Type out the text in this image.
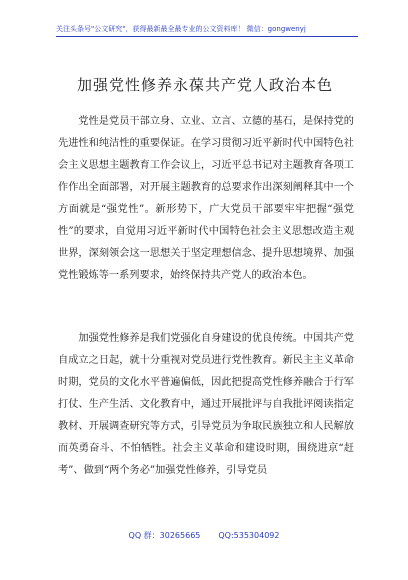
关注头条号"公文研究"，获得最新最全最专业的公文资料库！ 微信：gongwenyj
加强党性修养永葆共产党人政治本色

党性是党员干部立身、立业、立言、立德的基石，是保持党的先进性和纯洁性的重要保证。在学习贯彻习近平新时代中国特色社会主义思想主题教育工作会议上，习近平总书记对主题教育各项工作作出全面部署，对开展主题教育的总要求作出深刻阐释其中一个方面就是“强党性”。新形势下，广大党员干部要牢牢把握“强党性”的要求，自觉用习近平新时代中国特色社会主义思想改造主观世界，深刻领会这一思想关于坚定理想信念、提升思想境界、加强党性锻炼等一系列要求，始终保持共产党人的政治本色。

加强党性修养是我们党强化自身建设的优良传统。中国共产党自成立之日起，就十分重视对党员进行党性教育。新民主主义革命时期，党员的文化水平普遍偏低，因此把提高党性修养融合于行军打仗、生产生活、文化教育中，通过开展批评与自我批评阅读指定教材、开展调查研究等方式，引导党员为争取民族独立和人民解放而英勇奋斗、不怕牺牲。社会主义革命和建设时期，围绕进京“赶考”、做到“两个务必”加强党性修养，引导党员

QQ 群：30265665 QQ:535304092
